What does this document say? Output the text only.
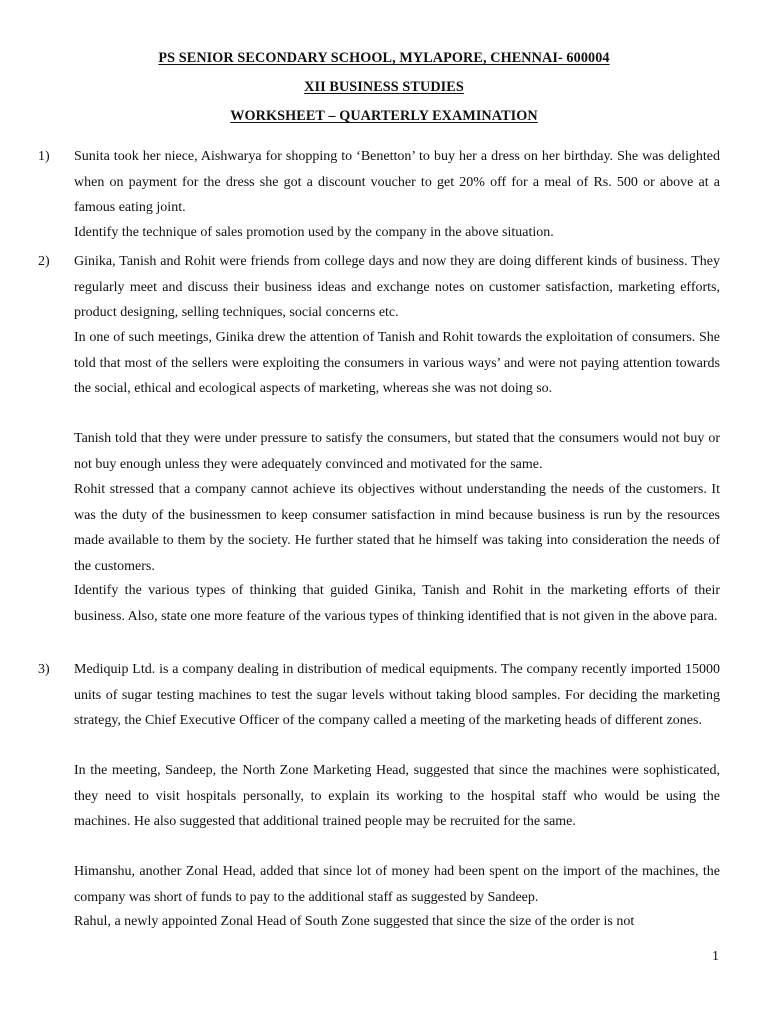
PS SENIOR SECONDARY SCHOOL, MYLAPORE, CHENNAI- 600004
XII BUSINESS STUDIES
WORKSHEET – QUARTERLY EXAMINATION
1) Sunita took her niece, Aishwarya for shopping to ‘Benetton’ to buy her a dress on her birthday. She was delighted when on payment for the dress she got a discount voucher to get 20% off for a meal of Rs. 500 or above at a famous eating joint.

Identify the technique of sales promotion used by the company in the above situation.

2) Ginika, Tanish and Rohit were friends from college days and now they are doing different kinds of business. They regularly meet and discuss their business ideas and exchange notes on customer satisfaction, marketing efforts, product designing, selling techniques, social concerns etc.

In one of such meetings, Ginika drew the attention of Tanish and Rohit towards the exploitation of consumers. She told that most of the sellers were exploiting the consumers in various ways’ and were not paying attention towards the social, ethical and ecological aspects of marketing, whereas she was not doing so.

Tanish told that they were under pressure to satisfy the consumers, but stated that the consumers would not buy or not buy enough unless they were adequately convinced and motivated for the same.

Rohit stressed that a company cannot achieve its objectives without understanding the needs of the customers. It was the duty of the businessmen to keep consumer satisfaction in mind because business is run by the resources made available to them by the society. He further stated that he himself was taking into consideration the needs of the customers.

Identify the various types of thinking that guided Ginika, Tanish and Rohit in the marketing efforts of their business. Also, state one more feature of the various types of thinking identified that is not given in the above para.

3) Mediquip Ltd. is a company dealing in distribution of medical equipments. The company recently imported 15000 units of sugar testing machines to test the sugar levels without taking blood samples. For deciding the marketing strategy, the Chief Executive Officer of the company called a meeting of the marketing heads of different zones.

In the meeting, Sandeep, the North Zone Marketing Head, suggested that since the machines were sophisticated, they need to visit hospitals personally, to explain its working to the hospital staff who would be using the machines. He also suggested that additional trained people may be recruited for the same.

Himanshu, another Zonal Head, added that since lot of money had been spent on the import of the machines, the company was short of funds to pay to the additional staff as suggested by Sandeep.

Rahul, a newly appointed Zonal Head of South Zone suggested that since the size of the order is not

1
